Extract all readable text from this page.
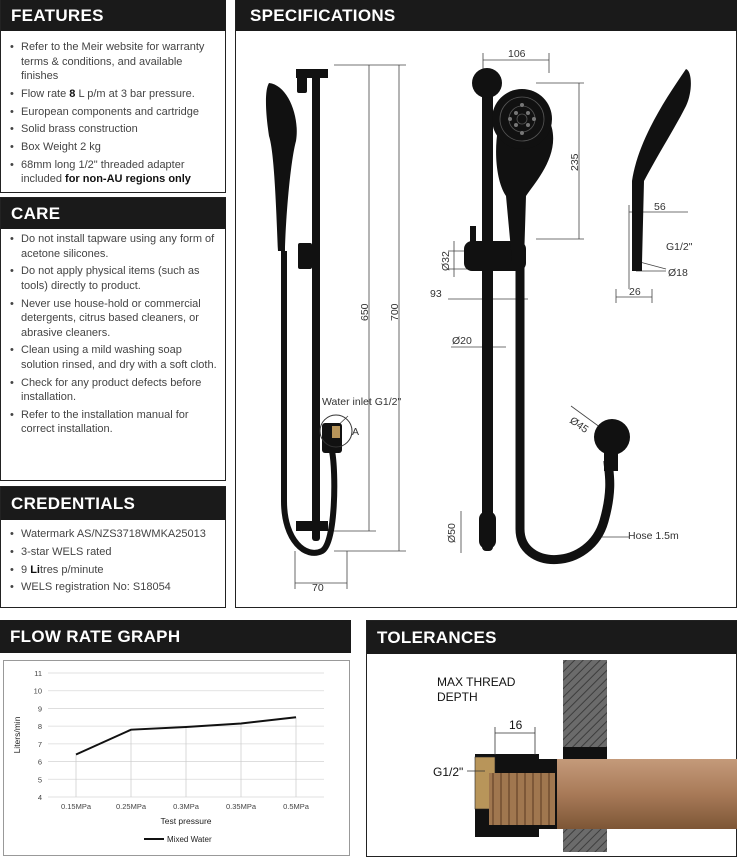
FEATURES
• Refer to the Meir website for warranty terms & conditions, and available finishes
• Flow rate 8 L p/m at 3 bar pressure.
• European components and cartridge
• Solid brass construction
• Box Weight 2 kg
• 68mm long 1/2" threaded adapter included for non-AU regions only
CARE
• Do not install tapware using any form of acetone silicones.
• Do not apply physical items (such as tools) directly to product.
• Never use house-hold or commercial detergents, citrus based cleaners, or abrasive cleaners.
• Clean using a mild washing soap solution rinsed, and dry with a soft cloth.
• Check for any product defects before installation.
• Refer to the installation manual for correct installation.
CREDENTIALS
• Watermark AS/NZS3718WMKA25013
• 3-star WELS rated
• 9 Litres p/minute
• WELS registration No: S18054
SPECIFICATIONS
106
235
56
G1/2"
Ø18
26
Ø32
93
650 700
Ø20
Ø45
Ø50
70
Water inlet G1/2"
A
Hose 1.5m
FLOW RATE GRAPH
4
5
6
7
8
9
10
11
0.15MPa	0.25MPa	0.3MPa	0.35MPa	0.5MPa
Test pressure
Liters/min
Mixed Water
TOLERANCES
MAX THREAD
DEPTH
16
G1/2"
